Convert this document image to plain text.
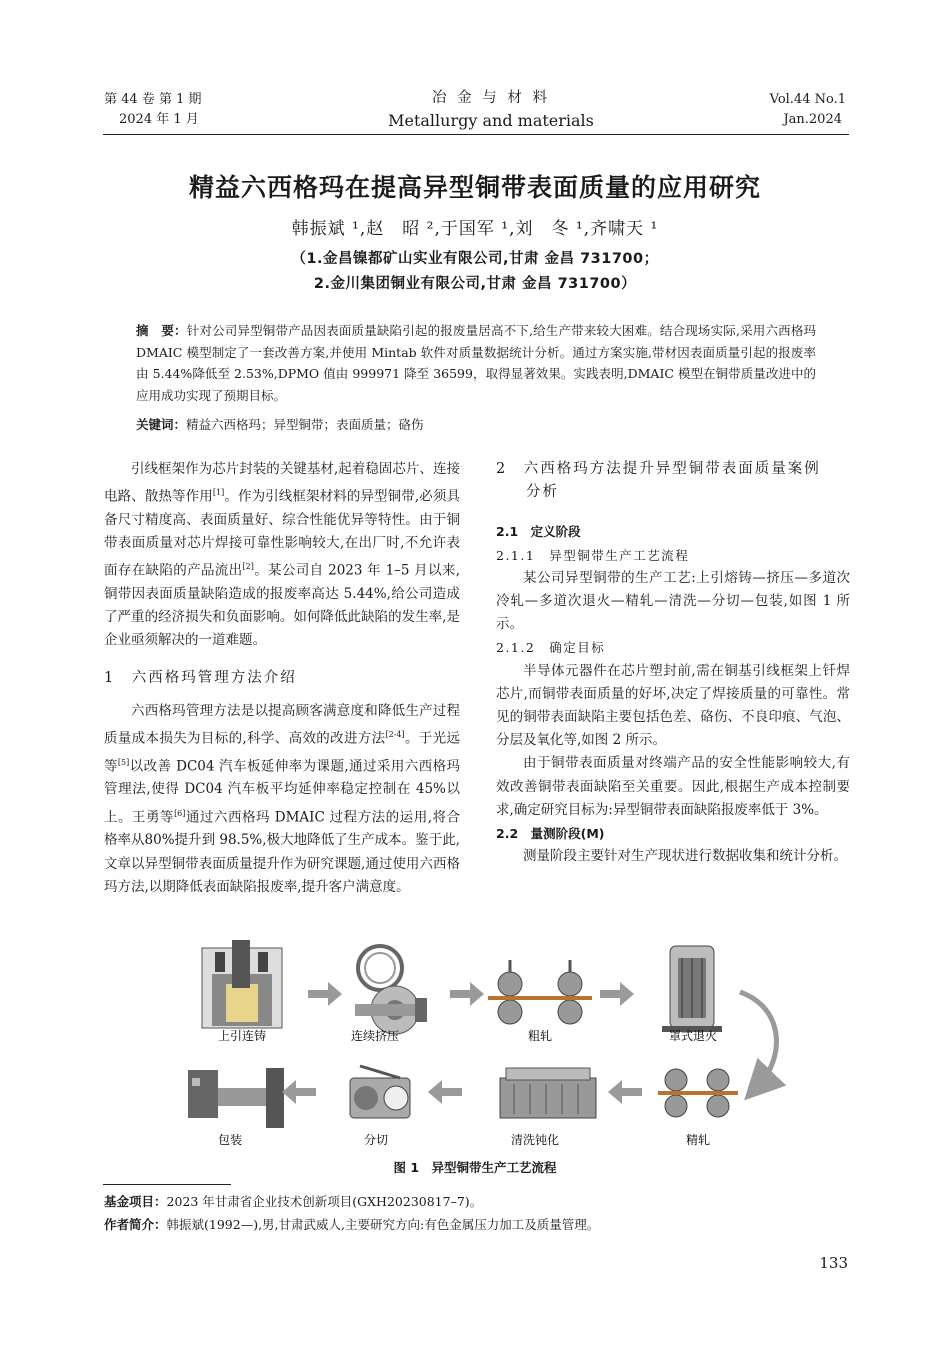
第 44 卷 第 1 期
2024 年 1 月
冶 金 与 材 料
Metallurgy and materials
Vol.44 No.1
Jan.2024
精益六西格玛在提高异型铜带表面质量的应用研究
韩振斌 ¹,赵　昭 ²,于国军 ¹,刘　冬 ¹,齐啸天 ¹
（1.金昌镍都矿山实业有限公司,甘肃 金昌 731700；
2.金川集团铜业有限公司,甘肃 金昌 731700）
摘　要：针对公司异型铜带产品因表面质量缺陷引起的报废量居高不下,给生产带来较大困难。结合现场实际,采用六西格玛 DMAIC 模型制定了一套改善方案,并使用 Mintab 软件对质量数据统计分析。通过方案实施,带材因表面质量引起的报废率由 5.44%降低至 2.53%,DPMO 值由 999971 降至 36599，取得显著效果。实践表明,DMAIC 模型在铜带质量改进中的应用成功实现了预期目标。
关键词：精益六西格玛；异型铜带；表面质量；硌伤

引线框架作为芯片封装的关键基材,起着稳固芯片、连接电路、散热等作用[1]。作为引线框架材料的异型铜带,必须具备尺寸精度高、表面质量好、综合性能优异等特性。由于铜带表面质量对芯片焊接可靠性影响较大,在出厂时,不允许表面存在缺陷的产品流出[2]。某公司自 2023 年 1–5 月以来,铜带因表面质量缺陷造成的报废率高达 5.44%,给公司造成了严重的经济损失和负面影响。如何降低此缺陷的发生率,是企业亟须解决的一道难题。

1　六西格玛管理方法介绍

六西格玛管理方法是以提高顾客满意度和降低生产过程质量成本损失为目标的,科学、高效的改进方法[2-4]。于光远等[5]以改善 DC04 汽车板延伸率为课题,通过采用六西格玛管理法,使得 DC04 汽车板平均延伸率稳定控制在 45%以上。王勇等[6]通过六西格玛 DMAIC 过程方法的运用,将合格率从80%提升到 98.5%,极大地降低了生产成本。鉴于此,文章以异型铜带表面质量提升作为研究课题,通过使用六西格玛方法,以期降低表面缺陷报废率,提升客户满意度。

2　六西格玛方法提升异型铜带表面质量案例
分析
2.1　定义阶段
2.1.1　异型铜带生产工艺流程

某公司异型铜带的生产工艺:上引熔铸—挤压—多道次冷轧—多道次退火—精轧—清洗—分切—包装,如图 1 所示。

2.1.2　确定目标

半导体元器件在芯片塑封前,需在铜基引线框架上钎焊芯片,而铜带表面质量的好坏,决定了焊接质量的可靠性。常见的铜带表面缺陷主要包括色差、硌伤、不良印痕、气泡、分层及氧化等,如图 2 所示。

由于铜带表面质量对终端产品的安全性能影响较大,有效改善铜带表面缺陷至关重要。因此,根据生产成本控制要求,确定研究目标为:异型铜带表面缺陷报废率低于 3%。

2.2　量测阶段(M)

测量阶段主要针对生产现状进行数据收集和统计分析。

上引连铸	连续挤压	粗轧	罩式退火
包装	分切	清洗钝化	精轧
图 1　异型铜带生产工艺流程
基金项目：2023 年甘肃省企业技术创新项目(GXH20230817–7)。
作者简介：韩振斌(1992—),男,甘肃武威人,主要研究方向:有色金属压力加工及质量管理。
133
